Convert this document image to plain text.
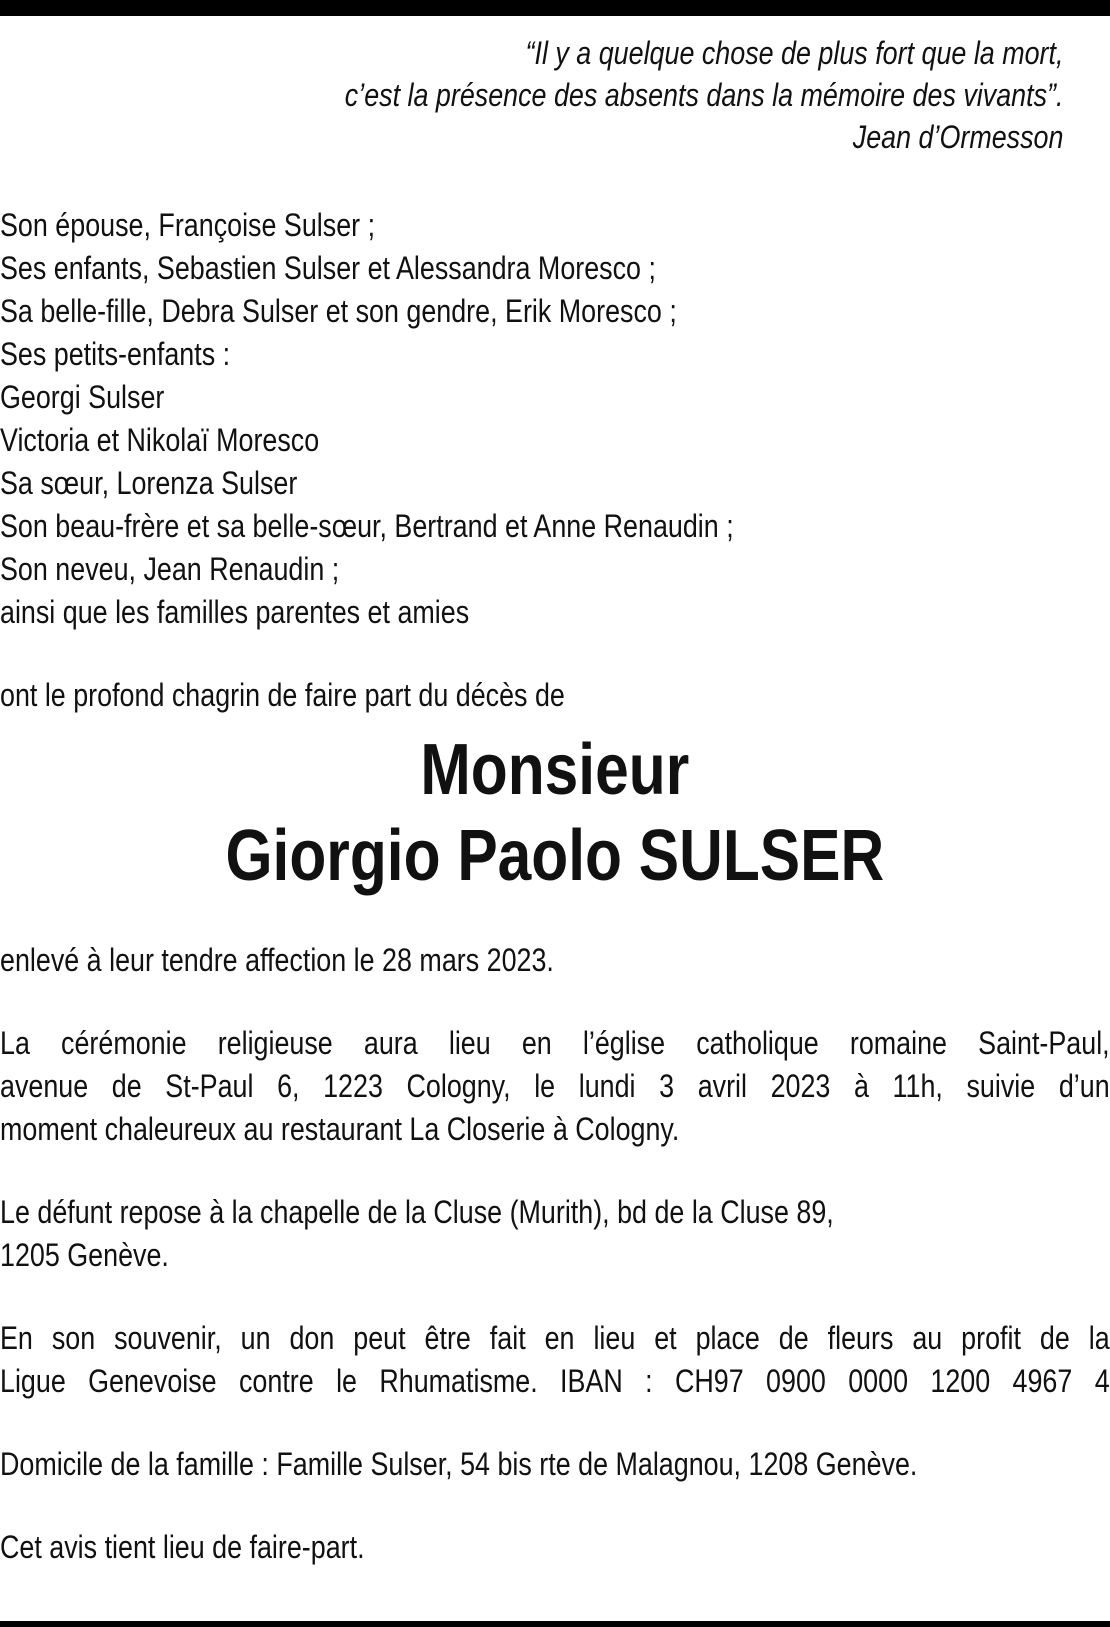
“Il y a quelque chose de plus fort que la mort,
c’est la présence des absents dans la mémoire des vivants”.
Jean d’Ormesson
Son épouse, Françoise Sulser ;
Ses enfants, Sebastien Sulser et Alessandra Moresco ;
Sa belle-fille, Debra Sulser et son gendre, Erik Moresco ;
Ses petits-enfants :
Georgi Sulser
Victoria et Nikolaï Moresco
Sa sœur, Lorenza Sulser
Son beau-frère et sa belle-sœur, Bertrand et Anne Renaudin ;
Son neveu, Jean Renaudin ;
ainsi que les familles parentes et amies
ont le profond chagrin de faire part du décès de
Monsieur
Giorgio Paolo SULSER
enlevé à leur tendre affection le 28 mars 2023.
La cérémonie religieuse aura lieu en l’église catholique romaine Saint-Paul,
avenue de St-Paul 6, 1223 Cologny, le lundi 3 avril 2023 à 11h, suivie d’un
moment chaleureux au restaurant La Closerie à Cologny.
Le défunt repose à la chapelle de la Cluse (Murith), bd de la Cluse 89,
1205 Genève.
En son souvenir, un don peut être fait en lieu et place de fleurs au profit de la
Ligue Genevoise contre le Rhumatisme. IBAN : CH97 0900 0000 1200 4967 4
Domicile de la famille : Famille Sulser, 54 bis rte de Malagnou, 1208 Genève.
Cet avis tient lieu de faire-part.
